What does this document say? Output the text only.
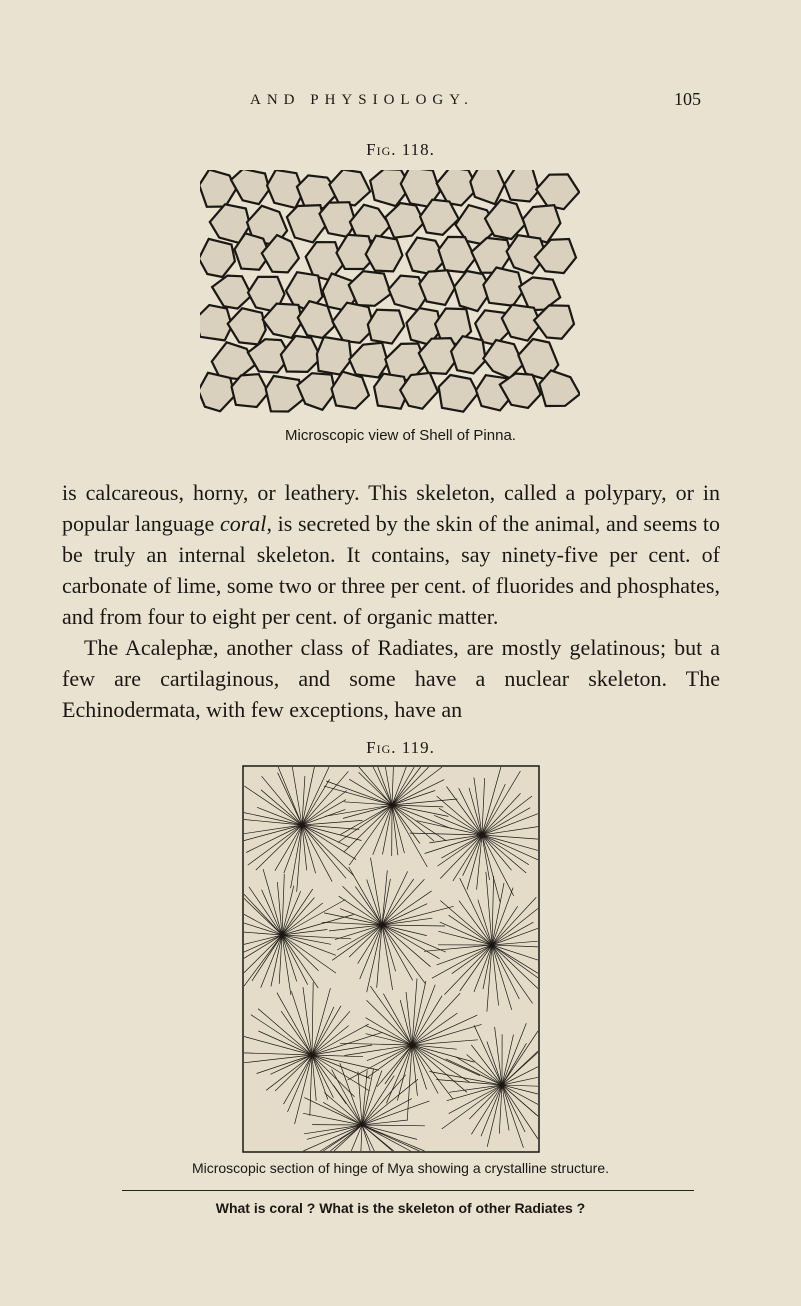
AND PHYSIOLOGY.	105
Fig. 118.
Microscopic view of Shell of Pinna.

is calcareous, horny, or leathery. This skeleton, called a polypary, or in popular language coral, is secreted by the skin of the animal, and seems to be truly an internal skeleton. It contains, say ninety-five per cent. of carbonate of lime, some two or three per cent. of fluorides and phosphates, and from four to eight per cent. of organic matter.

The Acalephæ, another class of Radiates, are mostly gelatinous; but a few are cartilaginous, and some have a nuclear skeleton. The Echinodermata, with few exceptions, have an

Fig. 119.
Microscopic section of hinge of Mya showing a crystalline structure.
What is coral ? What is the skeleton of other Radiates ?
